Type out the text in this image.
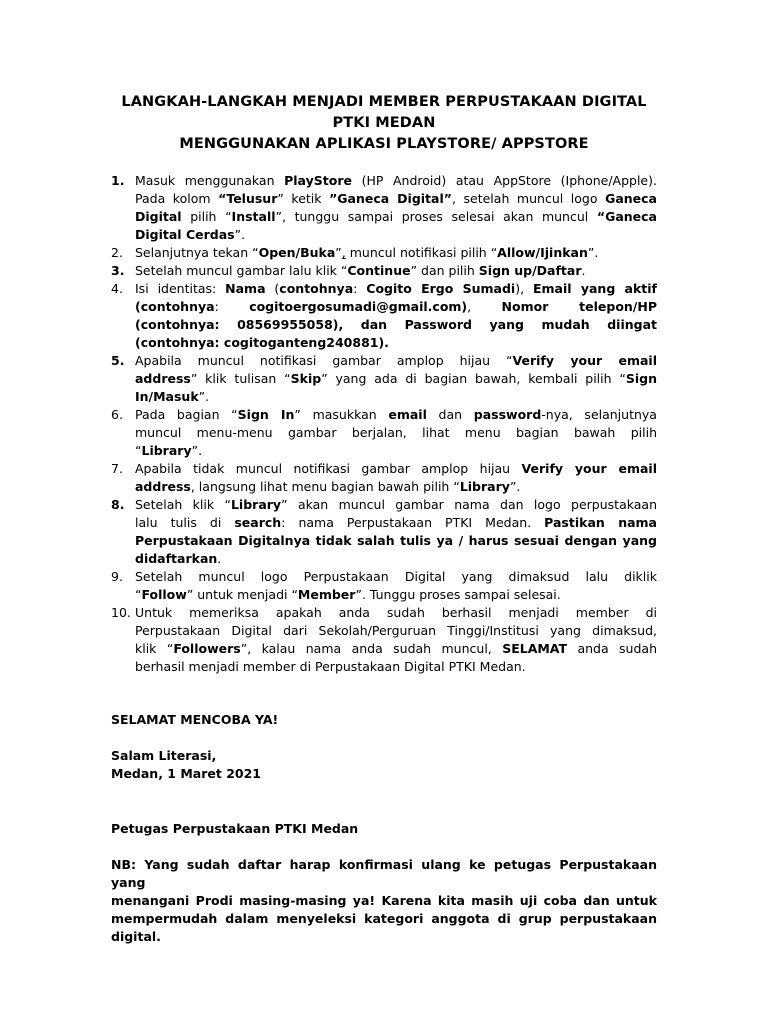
LANGKAH-LANGKAH MENJADI MEMBER PERPUSTAKAAN DIGITAL
PTKI MEDAN
MENGGUNAKAN APLIKASI PLAYSTORE/ APPSTORE
1. Masuk menggunakan PlayStore (HP Android) atau AppStore (Iphone/Apple).
Pada kolom “Telusur” ketik ”Ganeca Digital”, setelah muncul logo Ganeca
Digital pilih “Install”, tunggu sampai proses selesai akan muncul “Ganeca
Digital Cerdas”.
2. Selanjutnya tekan “Open/Buka”, muncul notifikasi pilih “Allow/Ijinkan”.
3. Setelah muncul gambar lalu klik “Continue” dan pilih Sign up/Daftar.
4. Isi identitas: Nama (contohnya: Cogito Ergo Sumadi), Email yang aktif
(contohnya: cogitoergosumadi@gmail.com), Nomor telepon/HP
(contohnya: 08569955058), dan Password yang mudah diingat
(contohnya: cogitoganteng240881).
5. Apabila muncul notifikasi gambar amplop hijau “Verify your email
address” klik tulisan “Skip” yang ada di bagian bawah, kembali pilih “Sign
In/Masuk”.
6. Pada bagian “Sign In” masukkan email dan password-nya, selanjutnya
muncul menu-menu gambar berjalan, lihat menu bagian bawah pilih
“Library”.
7. Apabila tidak muncul notifikasi gambar amplop hijau Verify your email
address, langsung lihat menu bagian bawah pilih “Library”.
8. Setelah klik “Library” akan muncul gambar nama dan logo perpustakaan
lalu tulis di search: nama Perpustakaan PTKI Medan. Pastikan nama
Perpustakaan Digitalnya tidak salah tulis ya / harus sesuai dengan yang
didaftarkan.
9. Setelah muncul logo Perpustakaan Digital yang dimaksud lalu diklik
“Follow” untuk menjadi “Member”. Tunggu proses sampai selesai.
10. Untuk memeriksa apakah anda sudah berhasil menjadi member di
Perpustakaan Digital dari Sekolah/Perguruan Tinggi/Institusi yang dimaksud,
klik “Followers”, kalau nama anda sudah muncul, SELAMAT anda sudah
berhasil menjadi member di Perpustakaan Digital PTKI Medan.
SELAMAT MENCOBA YA!
Salam Literasi,
Medan, 1 Maret 2021
Petugas Perpustakaan PTKI Medan
NB: Yang sudah daftar harap konfirmasi ulang ke petugas Perpustakaan yang
menangani Prodi masing-masing ya! Karena kita masih uji coba dan untuk
mempermudah dalam menyeleksi kategori anggota di grup perpustakaan
digital.
